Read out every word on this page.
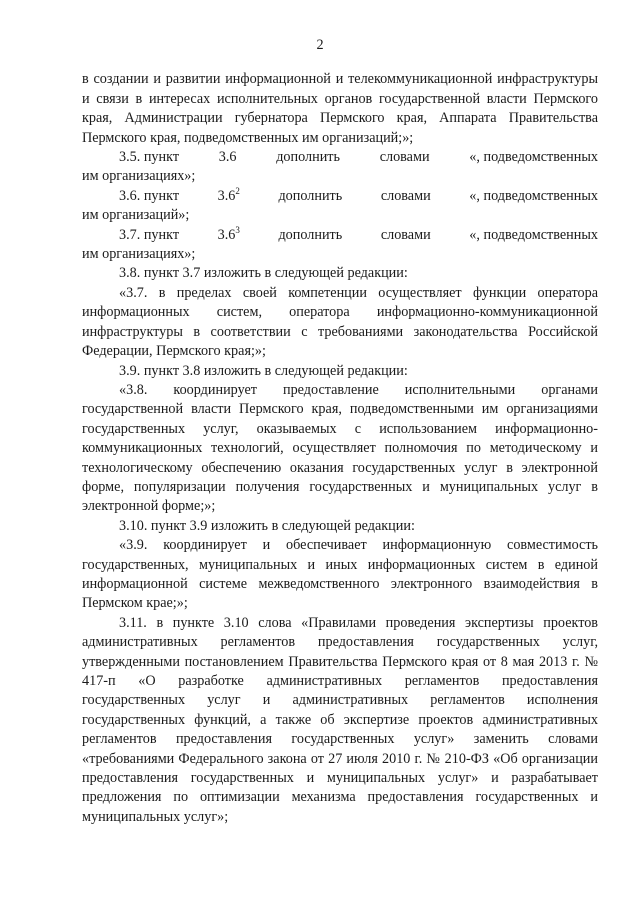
2

в создании и развитии информационной и телекоммуникационной инфраструктуры и связи в интересах исполнительных органов государственной власти Пермского края, Администрации губернатора Пермского края, Аппарата Правительства Пермского края, подведомственных им организаций;»;

3.5. пункт	3.6	дополнить	словами	«, подведомственных

им организациях»;

3.6. пункт	$3.6^2$	дополнить	словами	«, подведомственных

им организаций»;

3.7. пункт	$3.6^3$	дополнить	словами	«, подведомственных

им организациях»;

3.8. пункт 3.7 изложить в следующей редакции:

«3.7. в пределах своей компетенции осуществляет функции оператора информационных систем, оператора информационно-коммуникационной инфраструктуры в соответствии с требованиями законодательства Российской Федерации, Пермского края;»;

3.9. пункт 3.8 изложить в следующей редакции:

«3.8. координирует предоставление исполнительными органами государственной власти Пермского края, подведомственными им организациями государственных услуг, оказываемых с использованием информационно-коммуникационных технологий, осуществляет полномочия по методическому и технологическому обеспечению оказания государственных услуг в электронной форме, популяризации получения государственных и муниципальных услуг в электронной форме;»;

3.10. пункт 3.9 изложить в следующей редакции:

«3.9. координирует и обеспечивает информационную совместимость государственных, муниципальных и иных информационных систем в единой информационной системе межведомственного электронного взаимодействия в Пермском крае;»;

3.11. в пункте 3.10 слова «Правилами проведения экспертизы проектов административных регламентов предоставления государственных услуг, утвержденными постановлением Правительства Пермского края от 8 мая 2013 г. № 417-п «О разработке административных регламентов предоставления государственных услуг и административных регламентов исполнения государственных функций, а также об экспертизе проектов административных регламентов предоставления государственных услуг» заменить словами «требованиями Федерального закона от 27 июля 2010 г. № 210-ФЗ «Об организации предоставления государственных и муниципальных услуг» и разрабатывает предложения по оптимизации механизма предоставления государственных и муниципальных услуг»;
